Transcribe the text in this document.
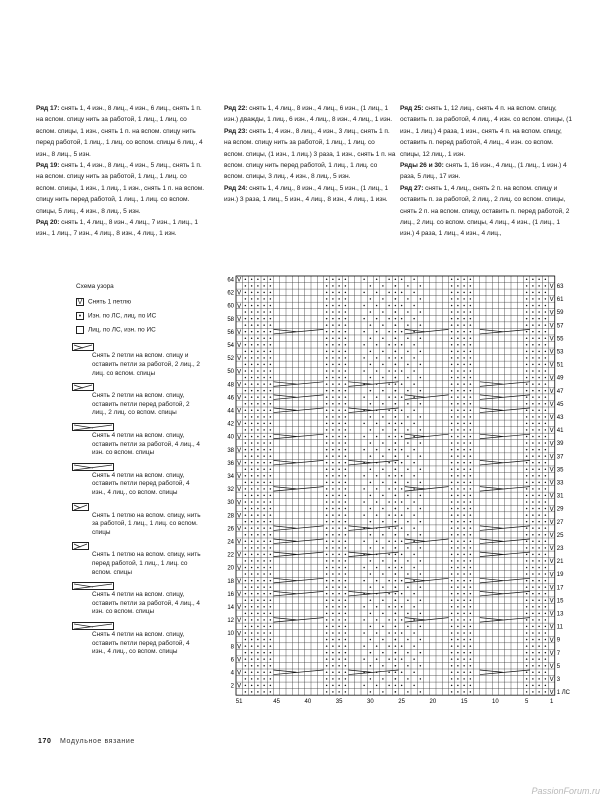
Ряд 17: снять 1, 4 изн., 8 лиц., 4 изн., 6 лиц., снять 1 п. на вспом. спицу нить за работой, 1 лиц., 1 лиц. со вспом. спицы, 1 изн., снять 1 п. на вспом. спицу нить перед работой, 1 лиц., 1 лиц. со вспом. спицы 6 лиц., 4 изн., 8 лиц., 5 изн.

Ряд 19: снять 1, 4 изн., 8 лиц., 4 изн., 5 лиц., снять 1 п. на вспом. спицу нить за работой, 1 лиц., 1 лиц. со вспом. спицы, 1 изн., 1 лиц., 1 изн., снять 1 п. на вспом. спицу нить перед работой, 1 лиц., 1 лиц. со вспом. спицы, 5 лиц., 4 изн., 8 лиц., 5 изн.

Ряд 20: снять 1, 4 лиц., 8 изн., 4 лиц., 7 изн., 1 лиц., 1 изн., 1 лиц., 7 изн., 4 лиц., 8 изн., 4 лиц., 1 изн.

Ряд 22: снять 1, 4 лиц., 8 изн., 4 лиц., 6 изн., (1 лиц., 1 изн.) дважды, 1 лиц., 6 изн., 4 лиц., 8 изн., 4 лиц., 1 изн.

Ряд 23: снять 1, 4 изн., 8 лиц., 4 изн., 3 лиц., снять 1 п. на вспом. спицу нить за работой, 1 лиц., 1 лиц. со вспом. спицы, (1 изн., 1 лиц.) 3 раза, 1 изн., снять 1 п. на вспом. спицу нить перед работой, 1 лиц., 1 лиц. со вспом. спицы, 3 лиц., 4 изн., 8 лиц., 5 изн.

Ряд 24: снять 1, 4 лиц., 8 изн., 4 лиц., 5 изн., (1 лиц., 1 изн.) 3 раза, 1 лиц., 5 изн., 4 лиц., 8 изн., 4 лиц., 1 изн.

Ряд 25: снять 1, 12 лиц., снять 4 п. на вспом. спицу, оставить п. за работой, 4 лиц., 4 изн. со вспом. спицы, (1 изн., 1 лиц.) 4 раза, 1 изн., снять 4 п. на вспом. спицу, оставить п. перед работой, 4 лиц., 4 изн. со вспом. спицы, 12 лиц., 1 изн.

Ряды 26 и 30: снять 1, 16 изн., 4 лиц., (1 лиц., 1 изн.) 4 раза, 5 лиц., 17 изн.

Ряд 27: снять 1, 4 лиц., снять 2 п. на вспом. спицу и оставить п. за работой, 2 лиц., 2 лиц. со вспом. спицы, снять 2 п. на вспом. спицу, оставить п. перед работой, 2 лиц., 2 лиц. со вспом. спицы, 4 лиц., 4 изн., (1 лиц., 1 изн.) 4 раза, 1 лиц., 4 изн., 4 лиц.,

Схема узора
V Снять 1 петлю
• Изн. по ЛС, лиц. по ИС
Лиц. по ЛС, изн. по ИС
Снять 2 петли на вспом. спицу и оставить петли за работой, 2 лиц., 2 лиц. со вспом. спицы
Снять 2 петли на вспом. спицу, оставить петли перед работой, 2 лиц., 2 лиц. со вспом. спицы
Снять 4 петли на вспом. спицу, оставить петли за работой, 4 лиц., 4 изн. со вспом. спицы
Снять 4 петли на вспом. спицу, оставить петли перед работой, 4 изн., 4 лиц., со вспом. спицы
Снять 1 петлю на вспом. спицу, нить за работой, 1 лиц., 1 лиц. со вспом. спицы
Снять 1 петлю на вспом. спицу, нить перед работой, 1 лиц., 1 лиц. со вспом. спицы
Снять 4 петли на вспом. спицу, оставить петли за работой, 4 лиц., 4 изн. со вспом. спицы
Снять 4 петли на вспом. спицу, оставить петли перед работой, 4 изн., 4 лиц., со вспом. спицы
V
V
V
V
V
V
V
V
V
V
V
V
V
V
V
V
V
V
V
V
V
V
V
V
V
V
V
V
V
V
V
V
V
V
V
V
V
V
V
V
V
V
V
V
V
V
V
V
V
V
V
V
V
V
V
V
V
V
V
V
V
V
V
V
64
62
60
58
56
54
52
50
48
46
44
42
40
38
36
34
32
30
28
26
24
22
20
18
16
14
12
10
8
6
4
2
63
61
59
57
55
53
51
49
47
45
43
41
39
37
35
33
31
29
27
25
23
21
19
17
15
13
11
9
7
5
3
1 ЛС
51	45	40	35	30	25	20	15	10	5	1
170 Модульное вязание
PassionForum.ru
